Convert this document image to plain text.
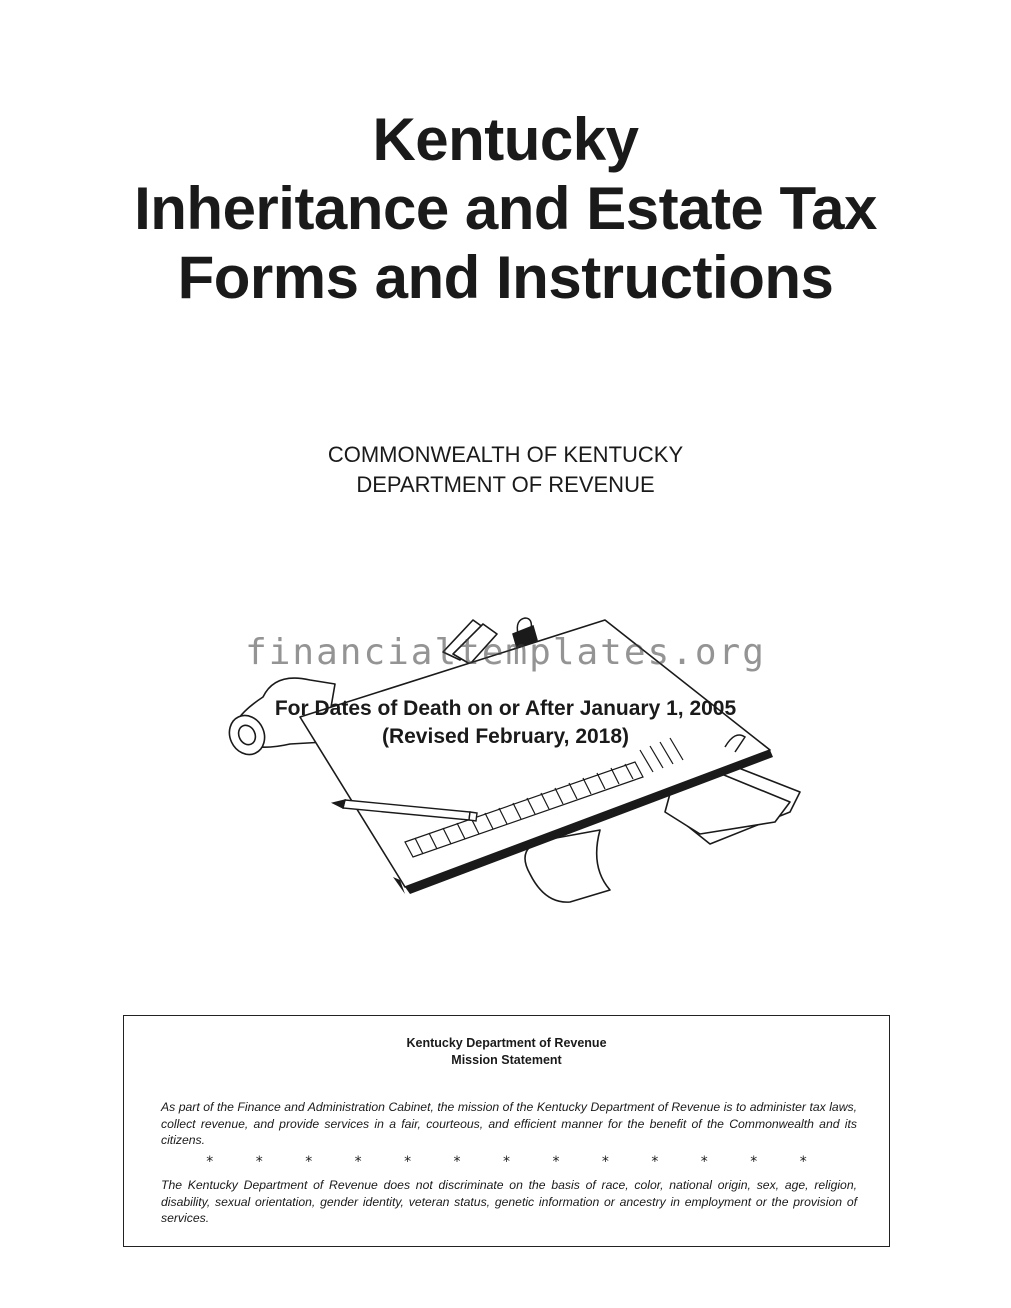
Kentucky
Inheritance and Estate Tax
Forms and Instructions
COMMONWEALTH OF KENTUCKY
DEPARTMENT OF REVENUE
financialtemplates.org
For Dates of Death on or After January 1, 2005
(Revised February, 2018)
Kentucky Department of Revenue
Mission Statement

As part of the Finance and Administration Cabinet, the mission of the Kentucky Department of Revenue is to administer tax laws, collect revenue, and provide services in a fair, courteous, and efficient manner for the benefit of the Commonwealth and its citizens.

* * * * * * * * * * * * *

The Kentucky Department of Revenue does not discriminate on the basis of race, color, national origin, sex, age, religion, disability, sexual orientation, gender identity, veteran status, genetic information or ancestry in employment or the provision of services.
